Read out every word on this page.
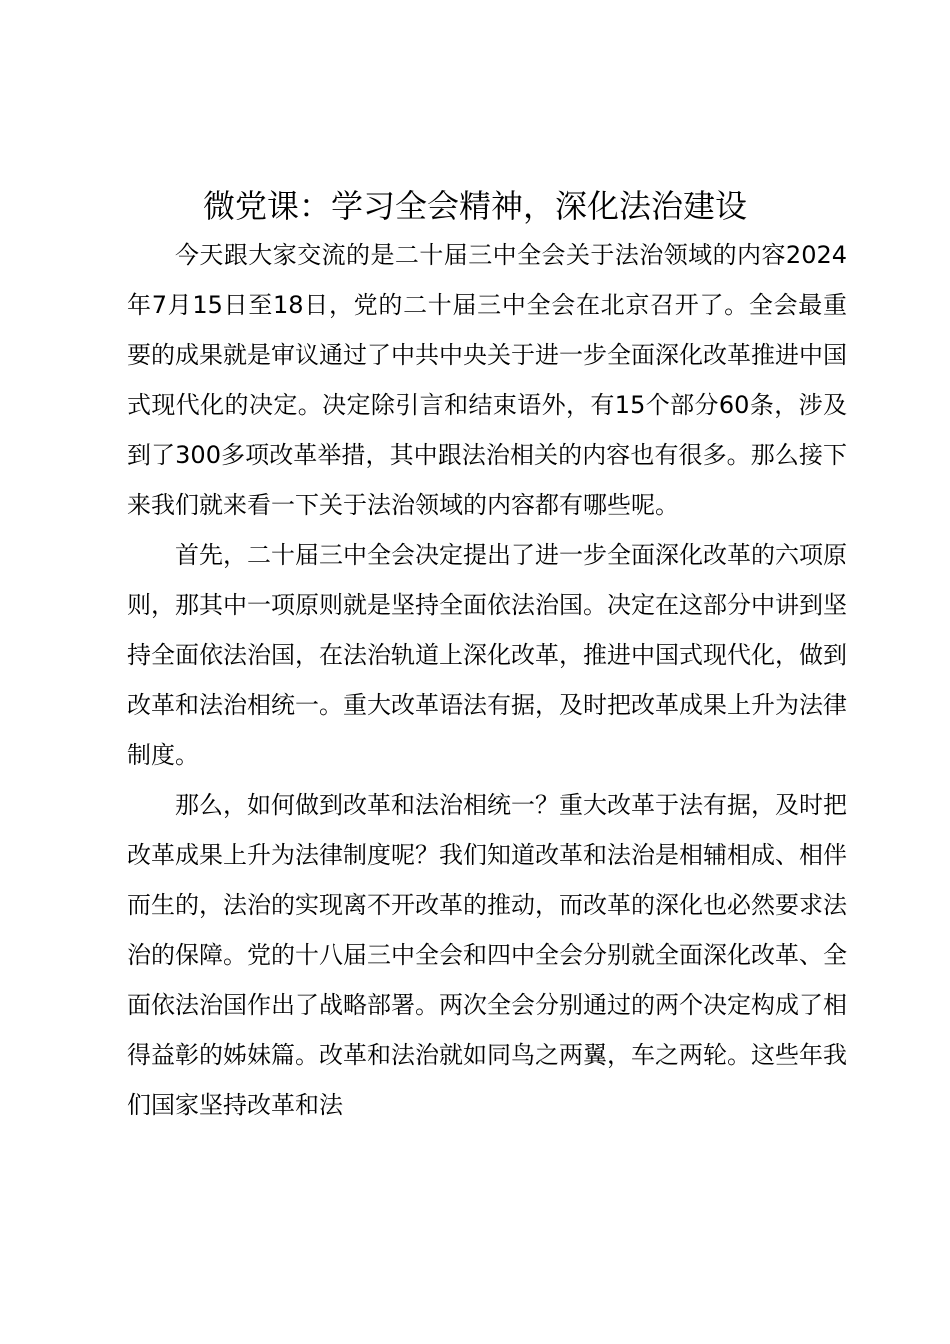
微党课：学习全会精神，深化法治建设

今天跟大家交流的是二十届三中全会关于法治领域的内容2024年7月15日至18日，党的二十届三中全会在北京召开了。全会最重要的成果就是审议通过了中共中央关于进一步全面深化改革推进中国式现代化的决定。决定除引言和结束语外，有15个部分60条，涉及到了300多项改革举措，其中跟法治相关的内容也有很多。那么接下来我们就来看一下关于法治领域的内容都有哪些呢。

首先，二十届三中全会决定提出了进一步全面深化改革的六项原则，那其中一项原则就是坚持全面依法治国。决定在这部分中讲到坚持全面依法治国，在法治轨道上深化改革，推进中国式现代化，做到改革和法治相统一。重大改革语法有据，及时把改革成果上升为法律制度。

那么，如何做到改革和法治相统一？重大改革于法有据，及时把改革成果上升为法律制度呢？我们知道改革和法治是相辅相成、相伴而生的，法治的实现离不开改革的推动，而改革的深化也必然要求法治的保障。党的十八届三中全会和四中全会分别就全面深化改革、全面依法治国作出了战略部署。两次全会分别通过的两个决定构成了相得益彰的姊妹篇。改革和法治就如同鸟之两翼，车之两轮。这些年我们国家坚持改革和法
